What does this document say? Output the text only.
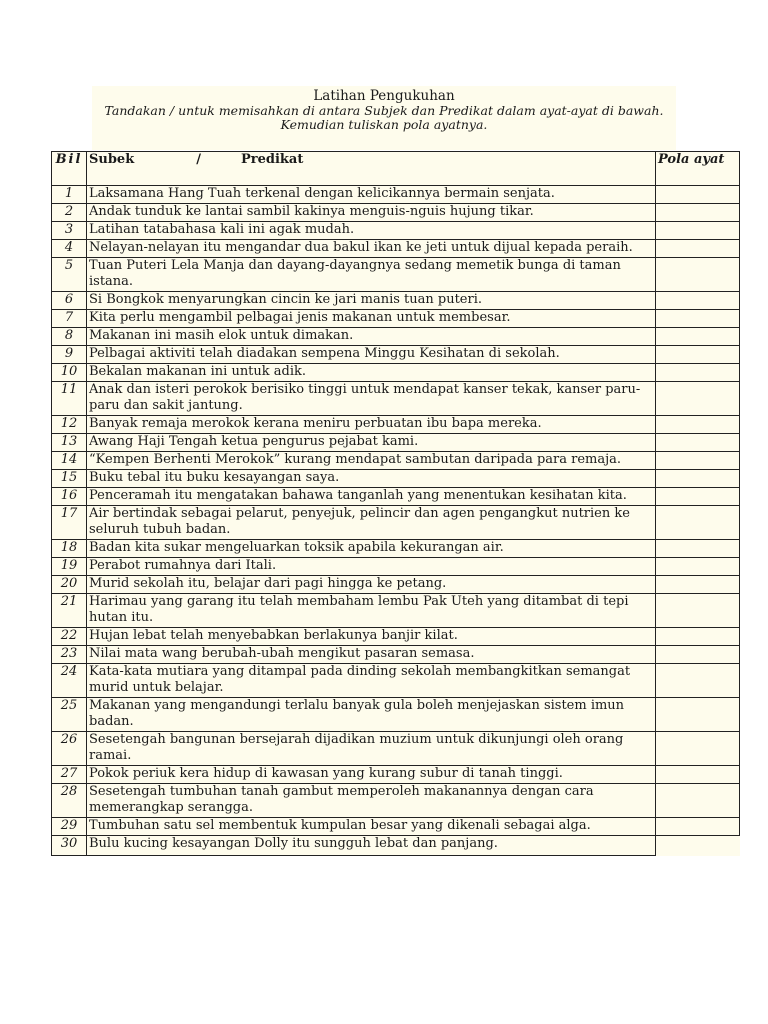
Latihan Pengukuhan
Tandakan / untuk memisahkan di antara Subjek dan Predikat dalam ayat-ayat di bawah.
Kemudian tuliskan pola ayatnya.
Bil	Subek / Predikat	Pola ayat
1	Laksamana Hang Tuah terkenal dengan kelicikannya bermain senjata.	
2	Andak tunduk ke lantai sambil kakinya menguis-nguis hujung tikar.	
3	Latihan tatabahasa kali ini agak mudah.	
4	Nelayan-nelayan itu mengandar dua bakul ikan ke jeti untuk dijual kepada peraih.	
5	Tuan Puteri Lela Manja dan dayang-dayangnya sedang memetik bunga di taman istana.	
6	Si Bongkok menyarungkan cincin ke jari manis tuan puteri.	
7	Kita perlu mengambil pelbagai jenis makanan untuk membesar.	
8	Makanan ini masih elok untuk dimakan.	
9	Pelbagai aktiviti telah diadakan sempena Minggu Kesihatan di sekolah.	
10	Bekalan makanan ini untuk adik.	
11	Anak dan isteri perokok berisiko tinggi untuk mendapat kanser tekak, kanser paru-paru dan sakit jantung.	
12	Banyak remaja merokok kerana meniru perbuatan ibu bapa mereka.	
13	Awang Haji Tengah ketua pengurus pejabat kami.	
14	“Kempen Berhenti Merokok” kurang mendapat sambutan daripada para remaja.	
15	Buku tebal itu buku kesayangan saya.	
16	Penceramah itu mengatakan bahawa tanganlah yang menentukan kesihatan kita.	
17	Air bertindak sebagai pelarut, penyejuk, pelincir dan agen pengangkut nutrien ke seluruh tubuh badan.	
18	Badan kita sukar mengeluarkan toksik apabila kekurangan air.	
19	Perabot rumahnya dari Itali.	
20	Murid sekolah itu, belajar dari pagi hingga ke petang.	
21	Harimau yang garang itu telah membaham lembu Pak Uteh yang ditambat di tepi hutan itu.	
22	Hujan lebat telah menyebabkan berlakunya banjir kilat.	
23	Nilai mata wang berubah-ubah mengikut pasaran semasa.	
24	Kata-kata mutiara yang ditampal pada dinding sekolah membangkitkan semangat murid untuk belajar.	
25	Makanan yang mengandungi terlalu banyak gula boleh menjejaskan sistem imun badan.	
26	Sesetengah bangunan bersejarah dijadikan muzium untuk dikunjungi oleh orang ramai.	
27	Pokok periuk kera hidup di kawasan yang kurang subur di tanah tinggi.	
28	Sesetengah tumbuhan tanah gambut memperoleh makanannya dengan cara memerangkap serangga.	
29	Tumbuhan satu sel membentuk kumpulan besar yang dikenali sebagai alga.	
30	Bulu kucing kesayangan Dolly itu sungguh lebat dan panjang.	
